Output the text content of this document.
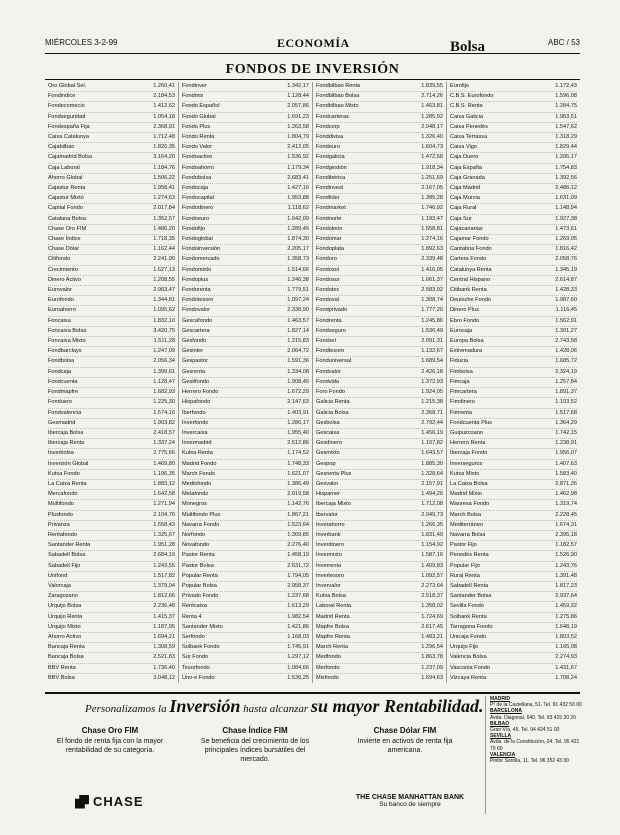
MIÉRCOLES 3-2-99	ECONOMÍA	Bolsa	ABC / 53
FONDOS DE INVERSIÓN
Oro Global Sel.	1.260,41
Fondindice	2.184,53
Fondecomecio	1.412,62
Fondseguridad	1.054,18
Fondespaña Fija	2.368,91
Caixa Catalunya	1.712,48
Cajabilbao	1.826,35
Cajamadrid Bolsa	3.164,20
Caja Laboral	1.184,76
Ahorro Global	1.506,22
Cajastur Renta	1.958,41
Cajastur Mixto	1.274,63
Capital Fondo	2.017,84
Catalana Bolsa	1.352,57
Chase Oro FIM	1.486,20
Chase Índice	1.718,35
Chase Dólar	1.162,44
Citifondo	2.241,90
Crecimiento	1.627,13
Dinero Activo	1.208,55
Eurovalor	2.963,47
Eurofondo	1.344,81
Euroahorro	1.095,62
Foncaixa	1.832,10
Foncaixa Bolsa	3.420,75
Foncaixa Mixto	1.511,28
Fondbarclays	1.247,09
Fondbolsa	2.056,34
Fondcaja	1.399,61
Fondcuenta	1.128,47
Fondmapfre	1.682,93
Fonduero	1.225,30
Fondvalencia	1.574,16
Gesmadrid	1.903,82
Ibercaja Bolsa	2.418,57
Ibercaja Renta	1.337,24
Inverbolsa	2.775,66
Inversión Global	1.469,80
Kutxa Fondo	1.196,35
La Caixa Renta	1.883,12
Mercafondo	1.642,58
Multifondo	1.271,94
Plusfondo	2.104,76
Privanza	1.558,43
Rentafondo	1.325,67
Santander Renta	1.951,28
Sabadell Bolsa	2.684,19
Sabadell Fijo	1.243,55
Unifond	1.517,82
Valorcaja	1.379,04
Zaragozano	1.812,66
Urquijo Bolsa	2.236,48
Urquijo Renta	1.415,37
Urquijo Mixto	1.187,95
Ahorro Activo	1.694,21
Bancaja Renta	1.308,59
Bancaja Bolsa	2.521,83
BBV Renta	1.736,40
BBV Bolsa	3.048,12
Fondinver	1.342,17
Fondmix	1.128,44
Fondo Español	2.057,86
Fondo Global	1.691,23
Fondo Plus	1.263,58
Fondo Renta	1.804,79
Fondo Valor	2.412,05
Fondoactivo	1.536,92
Fondoahorro	1.179,34
Fondobolsa	2.683,41
Fondocaja	1.427,16
Fondocapital	1.953,88
Fondodinero	1.118,62
Fondoeuro	1.642,09
Fondofijo	1.289,45
Fondoglobal	1.874,30
Fondoinversión	2.205,17
Fondomercado	1.358,73
Fondomixto	1.514,66
Fondoplus	1.246,38
Fondorenta	1.779,51
Fondotesoro	1.097,24
Fondovalor	2.338,90
Gescafondo	1.463,57
Gescartera	1.827,14
Gesfondo	1.215,83
Gesinter	2.064,72
Gespastor	1.591,36
Gesrenta	1.334,08
Gestifondo	1.908,45
Herrero Fondo	1.672,29
Hispafondo	2.147,63
Iberfondo	1.403,91
Inverfondo	1.286,17
Invercaixa	1.955,40
Invermadrid	2.512,86
Kutxa Renta	1.174,52
Madrid Fondo	1.748,33
March Fondo	1.621,07
Mediofondo	1.386,49
Metafondo	2.019,58
Monegros	1.142,76
Multifondo Plus	1.867,21
Navarra Fondo	1.523,64
Norfondo	1.309,85
Novafondo	2.276,40
Pastor Renta	1.458,19
Pastor Bolsa	2.631,72
Popular Renta	1.794,05
Popular Bolsa	2.958,37
Privado Fondo	1.237,68
Rentcaixa	1.613,29
Renta 4	1.982,54
Santander Mixto	1.421,86
Serfondo	1.168,03
Solbank Fondo	1.745,91
Sur Fondo	1.297,12
Tesorfondo	1.084,66
Uno-e Fondo	1.536,25
Fondbilbao Renta	1.839,55
Fondbilbao Bolsa	2.714,26
Fondbilbao Mixto	1.463,81
Fondcarteras	1.285,92
Fondcorp	2.048,17
Fonddivisa	1.326,40
Fondeuro	1.604,73
Fondgalicia	1.472,58
Fondgestión	1.918,34
Fondibérica	1.251,69
Fondinvest	2.167,05
Fondlíder	1.385,28
Fondmarket	1.746,92
Fondnorte	1.193,47
Fondoleón	1.558,81
Fondomar	1.274,16
Fondoplata	1.892,63
Fondoro	2.339,48
Fondosol	1.416,05
Fondosur	1.661,37
Fondotec	2.583,92
Fondoval	1.308,74
Fondprivado	1.777,20
Fondrenta	1.245,86
Fondseguro	1.536,49
Fondsel	2.091,31
Fondtesoro	1.132,67
Fonduniversal	1.689,54
Fondvalor	2.426,18
Fondvida	1.372,93
Foro Fondo	1.924,05
Galicia Renta	1.215,38
Galicia Bolsa	2.368,71
Gesbolsa	2.792,44
Gescaixa	1.456,19
Gesdinero	1.107,82
Gesmixto	1.643,57
Gespop	1.885,30
Gesrenta Plus	1.328,64
Gesvalor	2.157,91
Hispamer	1.494,26
Ibercaja Mixto	1.712,08
Ibervalor	2.049,73
Inverahorro	1.266,35
Inverbank	1.831,49
Inverdinero	1.154,92
Invermixto	1.587,16
Inverrenta	1.409,83
Invertesoro	1.092,57
Invervalor	2.273,64
Kutxa Bolsa	2.518,37
Laboral Renta	1.358,02
Madrid Renta	1.724,69
Mapfre Bolsa	2.617,45
Mapfre Renta	1.483,21
March Renta	1.296,54
Medfondo	1.863,78
Merfondo	1.237,09
Mixfondo	1.594,63
Eurofijo	1.172,43
C.B.S. Eurofondo	1.596,08
C.B.S. Renta	1.284,75
Caixa Galicia	1.963,51
Caixa Penedès	1.547,62
Caixa Terrassa	1.318,29
Caixa Vigo	1.829,44
Caja Duero	1.206,17
Caja España	1.754,83
Caja Granada	1.392,56
Caja Madrid	2.486,12
Caja Murcia	1.631,09
Caja Rural	1.148,94
Caja Sur	1.927,38
Cajacanarias	1.473,61
Cajamar Fondo	1.269,05
Cantabria Fondo	1.816,42
Cartera Fondo	2.058,76
Catalunya Renta	1.345,19
Central Hispano	2.614,87
Citibank Renta	1.428,33
Deutsche Fondo	1.987,60
Dinero Plus	1.116,45
Ebro Fondo	1.562,91
Eurocaja	1.301,27
Europa Bolsa	2.743,58
Extremadura	1.428,06
Fiducia	1.685,72
Fimbolsa	2.324,19
Fimcaja	1.257,84
Fimcartera	1.891,37
Fimdinero	1.103,52
Fimrenta	1.517,68
Fondcuenta Plus	1.364,29
Guipuzcoano	1.742,15
Herrero Renta	1.238,91
Ibercaja Fondo	1.956,07
Inverseguros	1.407,63
Kutxa Mixto	1.583,40
La Caixa Bolsa	2.871,26
Madrid Mixto	1.462,98
Manresa Fondo	1.319,74
March Bolsa	2.228,45
Mediterráneo	1.674,31
Navarra Bolsa	2.395,18
Pastor Fijo	1.182,57
Penedès Renta	1.526,90
Popular Fijo	1.243,76
Rural Renta	1.391,48
Sabadell Renta	1.817,23
Santander Bolsa	2.937,64
Sevilla Fondo	1.459,32
Solbank Renta	1.275,86
Tarragona Fondo	1.648,19
Unicaja Fondo	1.803,52
Urquijo Fijo	1.165,08
Valencia Bolsa	2.274,93
Vasconia Fondo	1.431,67
Vizcaya Renta	1.708,24
Personalizamos la Inversión hasta alcanzar su mayor Rentabilidad.
Chase Oro FIM
El fondo de renta fija con la mayor rentabilidad de su categoría.
Chase Índice FIM
Se beneficia del crecimiento de los principales índices bursátiles del mercado.
Chase Dólar FIM
Invierte en activos de renta fija americana.
CHASE	THE CHASE MANHATTAN BANK
Su banco de siempre
MADRID
Pº de la Castellana, 51. Tel. 91 432 50 00
BARCELONA
Avda. Diagonal, 640. Tel. 93 415 20 20
BILBAO
Gran Vía, 45. Tel. 94 424 51 00
SEVILLA
Avda. de la Constitución, 24. Tel. 95 421 70 60
VALENCIA
Pintor Sorolla, 11. Tel. 96 352 43 00
